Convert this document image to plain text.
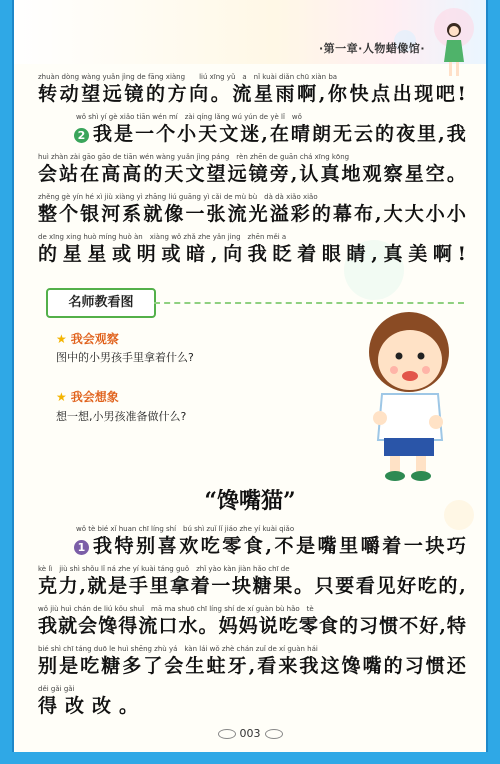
·第一章·人物蜡像馆·
zhuàn dòng wàng yuǎn jìng de fāng xiàng　　liú xīng yǔ　a　nǐ kuài diǎn chū xiàn ba
转 动 望 远 镜 的 方 向 。 流 星 雨 啊 , 你 快 点 出 现 吧 !
wǒ shì yí gè xiǎo tiān wén mí　zài qíng lǎng wú yún de yè lǐ　wǒ
2 我 是 一 个 小 天 文 迷 , 在 晴 朗 无 云 的 夜 里 , 我
huì zhàn zài gāo gāo de tiān wén wàng yuǎn jìng páng　rèn zhēn de guān chá xīng kōng
会 站 在 高 高 的 天 文 望 远 镜 旁 , 认 真 地 观 察 星 空 。
zhěng gè yín hé xì jiù xiàng yì zhāng liú guāng yì cǎi de mù bù　dà dà xiǎo xiǎo
整 个 银 河 系 就 像 一 张 流 光 溢 彩 的 幕 布 , 大 大 小 小
de xīng xing huò míng huò àn　xiàng wǒ zhǎ zhe yǎn jing　zhēn měi a
的 星 星 或 明 或 暗 , 向 我 眨 着 眼 睛 , 真 美 啊 !
名师教看图
★ 我会观察
图中的小男孩手里拿着什么?
★ 我会想象
想一想,小男孩准备做什么?
“馋嘴猫”
wǒ tè bié xǐ huan chī líng shí　bú shì zuǐ lǐ jiáo zhe yí kuài qiǎo
1 我 特 别 喜 欢 吃 零 食 , 不 是 嘴 里 嚼 着 一 块 巧
kè lì　jiù shì shǒu lǐ ná zhe yí kuài táng guǒ　zhǐ yào kàn jiàn hǎo chī de
克 力 , 就 是 手 里 拿 着 一 块 糖 果 。 只 要 看 见 好 吃 的 ,
wǒ jiù huì chán de liú kǒu shuǐ　mā ma shuō chī líng shí de xí guàn bù hǎo　tè
我 就 会 馋 得 流 口 水 。 妈 妈 说 吃 零 食 的 习 惯 不 好 , 特
bié shì chī táng duō le huì shēng zhù yá　kàn lái wǒ zhè chán zuǐ de xí guàn hái
别 是 吃 糖 多 了 会 生 蛀 牙 , 看 来 我 这 馋 嘴 的 习 惯 还
děi gǎi gǎi
得改改。
003
